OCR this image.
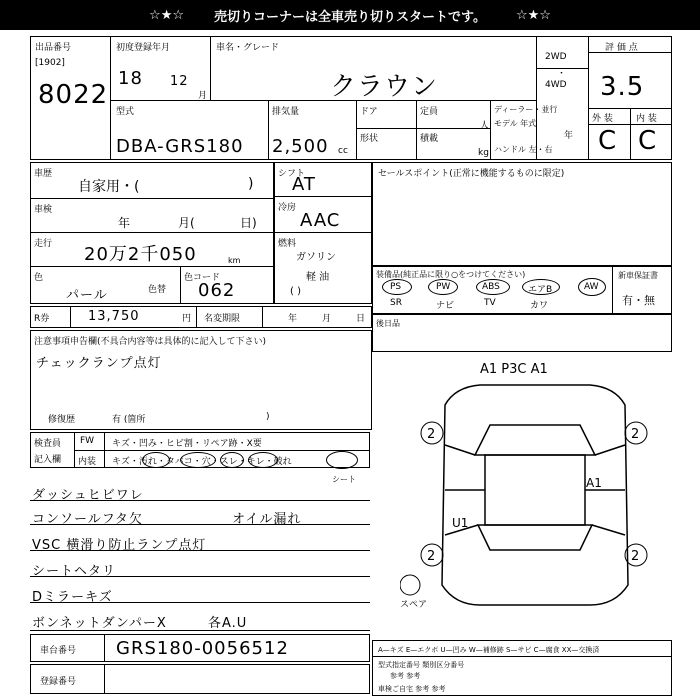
☆★☆ 売切りコーナーは全車売り切りスタートです。 ☆★☆
出品番号
[1902]
8022
初度登録年月
18 12
月
車名・グレード
クラウン
2WD
・
4WD
評 価 点
3.5
型式
DBA-GRS180
排気量
2,500 cc
ドア
形状
定員
人
積載
kg
ディーラー・並行
モデル 年式
年
ハンドル 左・右
外 装	内 装
C C
車歴
自家用・(	)
車検
年	月(	日)
走行 20万2千050	km
色
パール	色替
色コード
062
シフト
AT
冷房
AAC
燃料
ガソリン
軽 油
( )
R券	13,750	円 名変期限	年	月	日
注意事項申告欄(不具合内容等は具体的に記入して下さい)
チェックランプ点灯
修復歴	有 (箇所	)
セールスポイント(正常に機能するものに限定)
装備品(純正品に限り○をつけてください)
PS	PW	ABS	エアB	AW
SR	ナビ	TV	カワ
新車保証書
有・無
後日品
検査員
記入欄
FW キズ・凹み・ヒビ割・リペア跡・X要
内装 キズ・汚れ・タバコ・穴・スレ・キレ・破れ
シート
ダッシュヒビワレ
コンソールフタ欠
VSC 横滑り防止ランプ点灯
シートヘタリ
Dミラーキズ
ボンネットダンパーX
オイル漏れ
各A.U
2	2
2	2
A1 P3C A1
A1
U1
スペア
車台番号 GRS180-0056512
登録番号
A—キズ E—エクボ U—凹み W—補修跡 S—サビ C—腐食 XX—交換済
型式指定番号 類別区分番号
参考 参考
車検ご自宅 参考 参考
